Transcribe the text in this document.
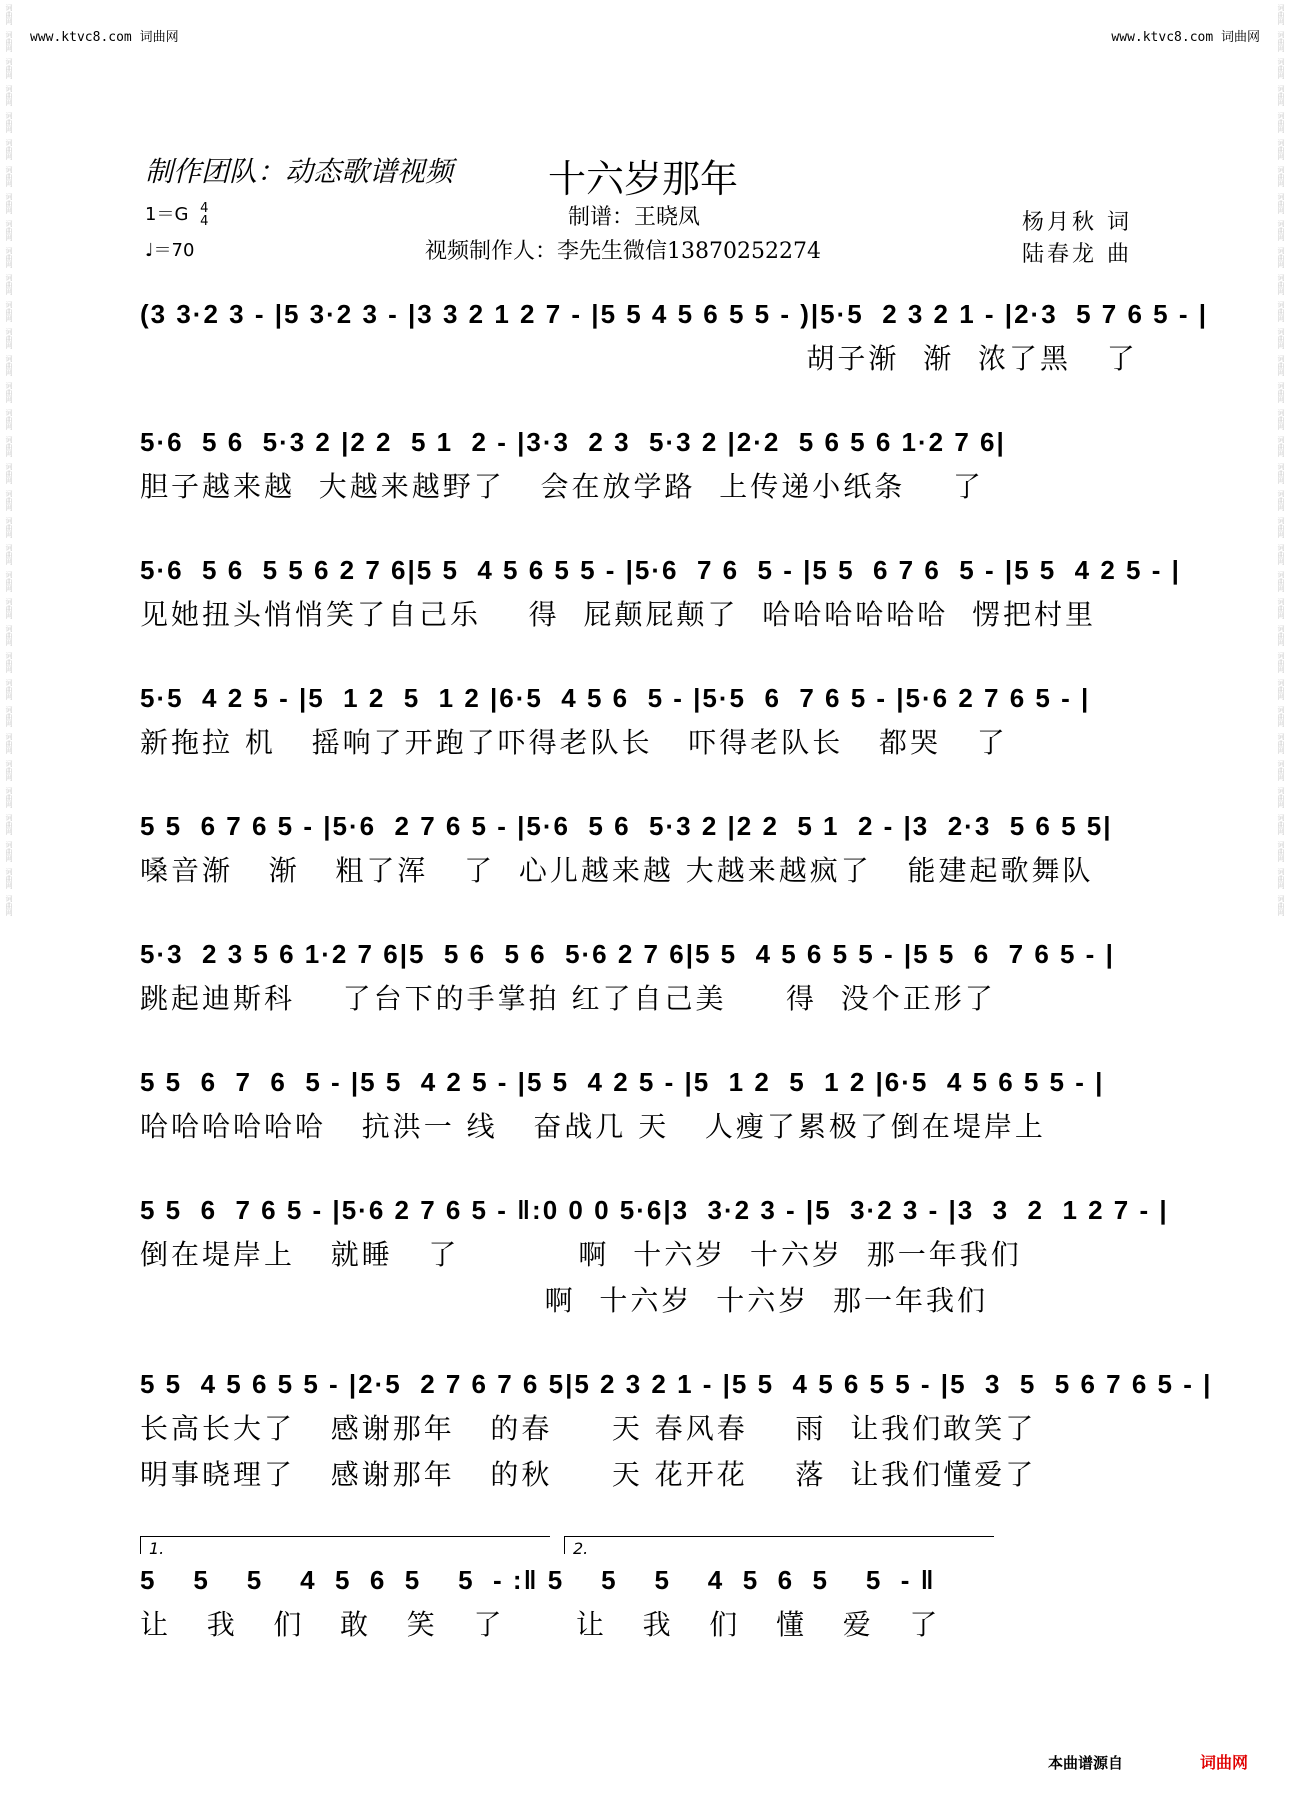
词曲网
词曲网
词曲网
词曲网
词曲网
词曲网
词曲网
词曲网
词曲网
词曲网
词曲网
词曲网
词曲网
词曲网
词曲网
词曲网
词曲网
词曲网
词曲网
词曲网
词曲网
词曲网
词曲网
词曲网
词曲网
词曲网
词曲网
词曲网
词曲网
词曲网
词曲网
词曲网
词曲网
词曲网
词曲网
词曲网
词曲网
词曲网
词曲网
词曲网
词曲网
词曲网
词曲网
词曲网
词曲网
词曲网
词曲网
词曲网
词曲网
词曲网
词曲网
词曲网
词曲网
词曲网
词曲网
词曲网
词曲网
词曲网
词曲网
词曲网
词曲网
词曲网
词曲网
词曲网
词曲网
词曲网
词曲网
词曲网
www.ktvc8.com 词曲网	www.ktvc8.com 词曲网
制作团队：动态歌谱视频 十六岁那年
1＝G 4
4
♩＝70
制谱：王晓凤
视频制作人：李先生微信13870252274
杨月秋 词
陆春龙 曲
(3 3·2 3 - |5 3·2 3 - |3 3 2 1 2 7 - |5 5 4 5 6 5 5 - )|5·5  2 3 2 1 - |2·3  5 7 6 5 - |
胡子渐  渐  浓了黑   了
5·6  5 6  5·3 2 |2 2  5 1  2 - |3·3  2 3  5·3 2 |2·2  5 6 5 6 1·2 7 6|
胆子越来越  大越来越野了   会在放学路  上传递小纸条    了
5·6  5 6  5 5 6 2 7 6|5 5  4 5 6 5 5 - |5·6  7 6  5 - |5 5  6 7 6  5 - |5 5  4 2 5 - |
见她扭头悄悄笑了自己乐    得  屁颠屁颠了  哈哈哈哈哈哈  愣把村里
5·5  4 2 5 - |5  1 2  5  1 2 |6·5  4 5 6  5 - |5·5  6  7 6 5 - |5·6 2 7 6 5 - |
新拖拉 机   摇响了开跑了吓得老队长   吓得老队长   都哭   了
5 5  6 7 6 5 - |5·6  2 7 6 5 - |5·6  5 6  5·3 2 |2 2  5 1  2 - |3  2·3  5 6 5 5|
嗓音渐   渐   粗了浑   了  心儿越来越 大越来越疯了   能建起歌舞队
5·3  2 3 5 6 1·2 7 6|5  5 6  5 6  5·6 2 7 6|5 5  4 5 6 5 5 - |5 5  6  7 6 5 - |
跳起迪斯科    了台下的手掌拍 红了自己美     得  没个正形了
5 5  6  7  6  5 - |5 5  4 2 5 - |5 5  4 2 5 - |5  1 2  5  1 2 |6·5  4 5 6 5 5 - |
哈哈哈哈哈哈   抗洪一 线   奋战几 天   人瘦了累极了倒在堤岸上
5 5  6  7 6 5 - |5·6 2 7 6 5 - ‖:0 0 0 5·6|3  3·2 3 - |5  3·2 3 - |3  3  2  1 2 7 - |
倒在堤岸上   就睡   了          啊  十六岁  十六岁  那一年我们
啊  十六岁  十六岁  那一年我们
5 5  4 5 6 5 5 - |2·5  2 7 6 7 6 5|5 2 3 2 1 - |5 5  4 5 6 5 5 - |5  3  5  5 6 7 6 5 - |
长高长大了   感谢那年   的春     天 春风春    雨  让我们敢笑了
明事晓理了   感谢那年   的秋     天 花开花    落  让我们懂爱了
1.	2.
5    5    5    4  5  6  5    5  - :‖ 5    5    5    4  5  6  5    5  - ‖
让   我   们   敢   笑   了      让   我   们   懂   爱   了
本曲谱源自	词曲网
